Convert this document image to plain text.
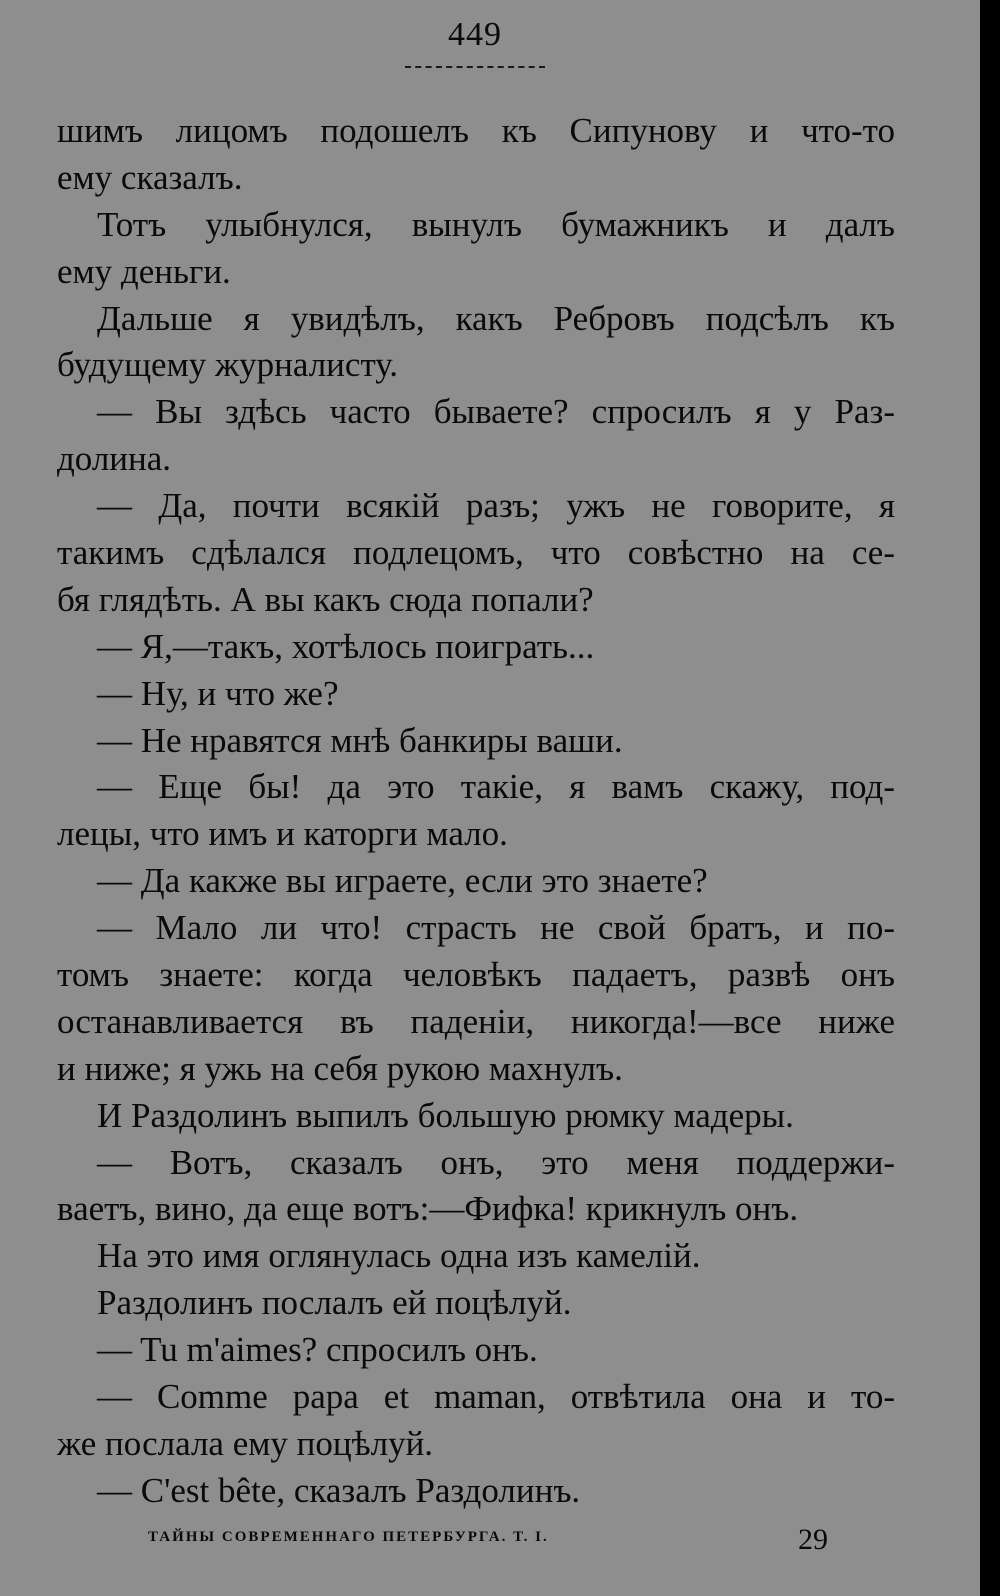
449
шимъ лицомъ подошелъ къ Сипунову и что-то
ему сказалъ.
Тотъ улыбнулся, вынулъ бумажникъ и далъ
ему деньги.
Дальше я увидѣлъ, какъ Ребровъ подсѣлъ къ
будущему журналисту.
— Вы здѣсь часто бываете? спросилъ я у Раз-
долина.
— Да, почти всякій разъ; ужъ не говорите, я
такимъ сдѣлался подлецомъ, что совѣстно на се-
бя глядѣть. А вы какъ сюда попали?
— Я,—такъ, хотѣлось поиграть...
— Ну, и что же?
— Не нравятся мнѣ банкиры ваши.
— Еще бы! да это такіе, я вамъ скажу, под-
лецы, что имъ и каторги мало.
— Да какже вы играете, если это знаете?
— Мало ли что! страсть не свой братъ, и по-
томъ знаете: когда человѣкъ падаетъ, развѣ онъ
останавливается въ паденіи, никогда!—все ниже
и ниже; я ужь на себя рукою махнулъ.
И Раздолинъ выпилъ большую рюмку мадеры.
— Вотъ, сказалъ онъ, это меня поддержи-
ваетъ, вино, да еще вотъ:—Фифка! крикнулъ онъ.
На это имя оглянулась одна изъ камелій.
Раздолинъ послалъ ей поцѣлуй.
— Tu m'aimes? спросилъ онъ.
— Comme papa et maman, отвѣтила она и то-
же послала ему поцѣлуй.
— C'est bête, сказалъ Раздолинъ.
ТАЙНЫ СОВРЕМЕННАГО ПЕТЕРБУРГА. Т. I.	29
